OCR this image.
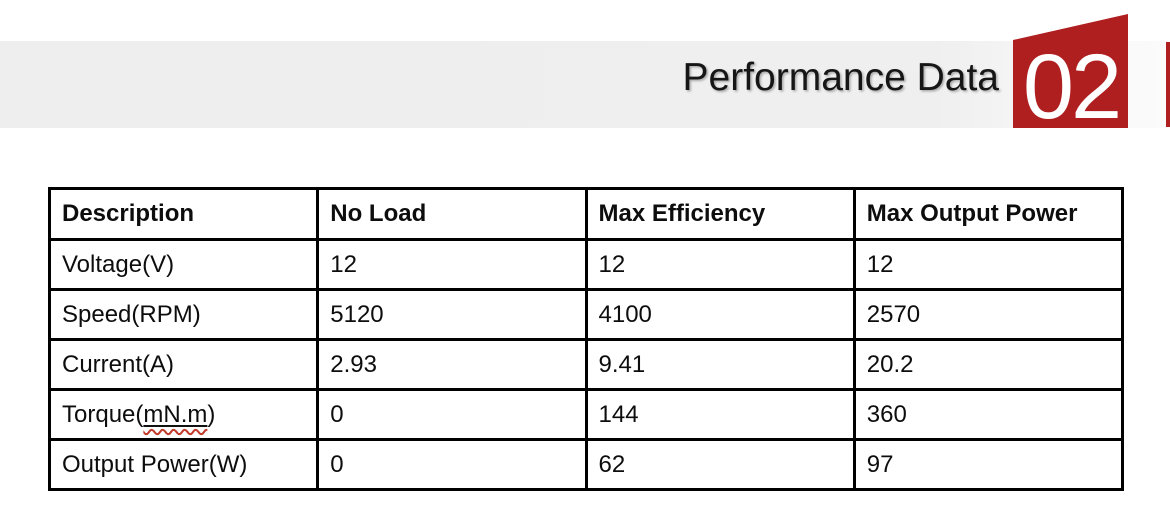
Performance Data 02
Description	No Load	Max Efficiency	Max Output Power
Voltage(V)	12	12	12
Speed(RPM)	5120	4100	2570
Current(A)	2.93	9.41	20.2
Torque(mN.m)	0	144	360
Output Power(W)	0	62	97
